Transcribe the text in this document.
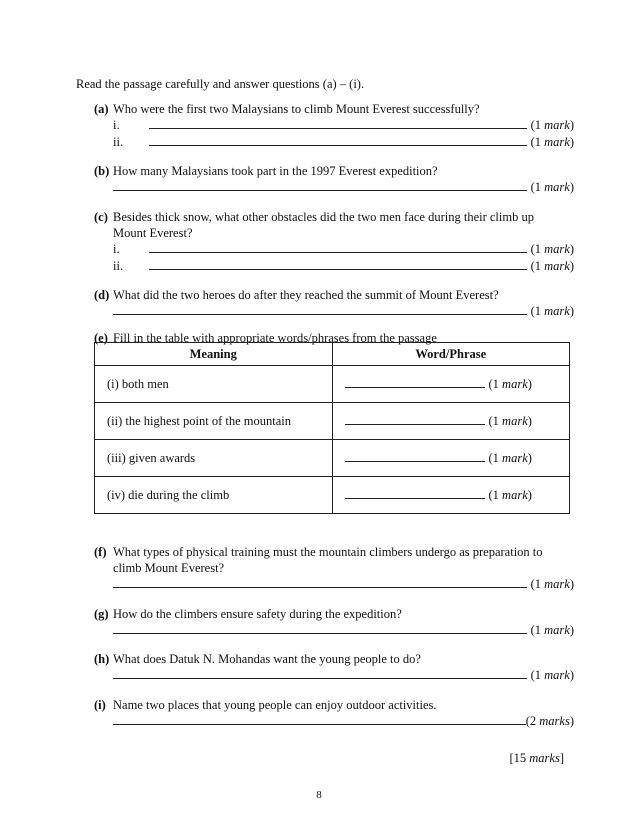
Read the passage carefully and answer questions (a) – (i).
(a) Who were the first two Malaysians to climb Mount Everest successfully?
i.	(1 mark)
ii.	(1 mark)
(b) How many Malaysians took part in the 1997 Everest expedition?
(1 mark)
(c) Besides thick snow, what other obstacles did the two men face during their climb up
Mount Everest?
i.	(1 mark)
ii.	(1 mark)
(d) What did the two heroes do after they reached the summit of Mount Everest?
(1 mark)
(e) Fill in the table with appropriate words/phrases from the passage
Meaning	Word/Phrase
(i) both men	(1 mark)

(ii) the highest point of the mountain	(1 mark)

(iii) given awards	(1 mark)

(iv) die during the climb	(1 mark)
(f) What types of physical training must the mountain climbers undergo as preparation to
climb Mount Everest?
(1 mark)
(g) How do the climbers ensure safety during the expedition?
(1 mark)
(h) What does Datuk N. Mohandas want the young people to do?
(1 mark)
(i) Name two places that young people can enjoy outdoor activities.
(2 marks)
[15 marks]
8
